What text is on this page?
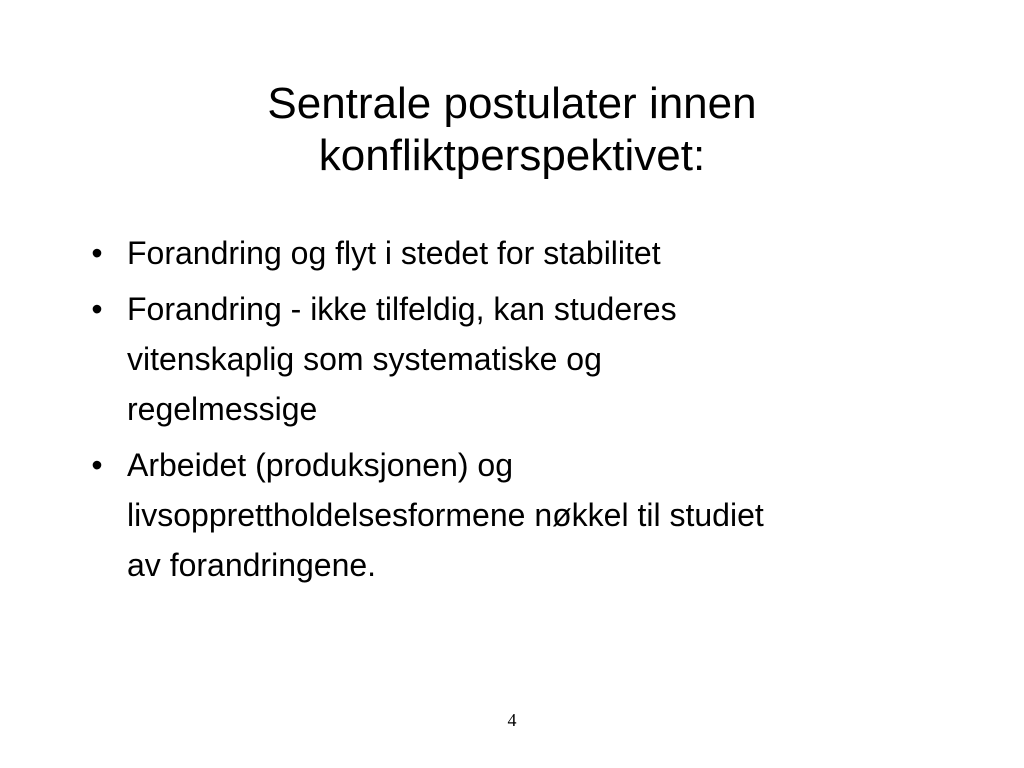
Sentrale postulater innen
konfliktperspektivet:
• Forandring og flyt i stedet for stabilitet
• Forandring - ikke tilfeldig, kan studeres
vitenskaplig som systematiske og
regelmessige
• Arbeidet (produksjonen) og
livsopprettholdelsesformene nøkkel til studiet
av forandringene.
4
